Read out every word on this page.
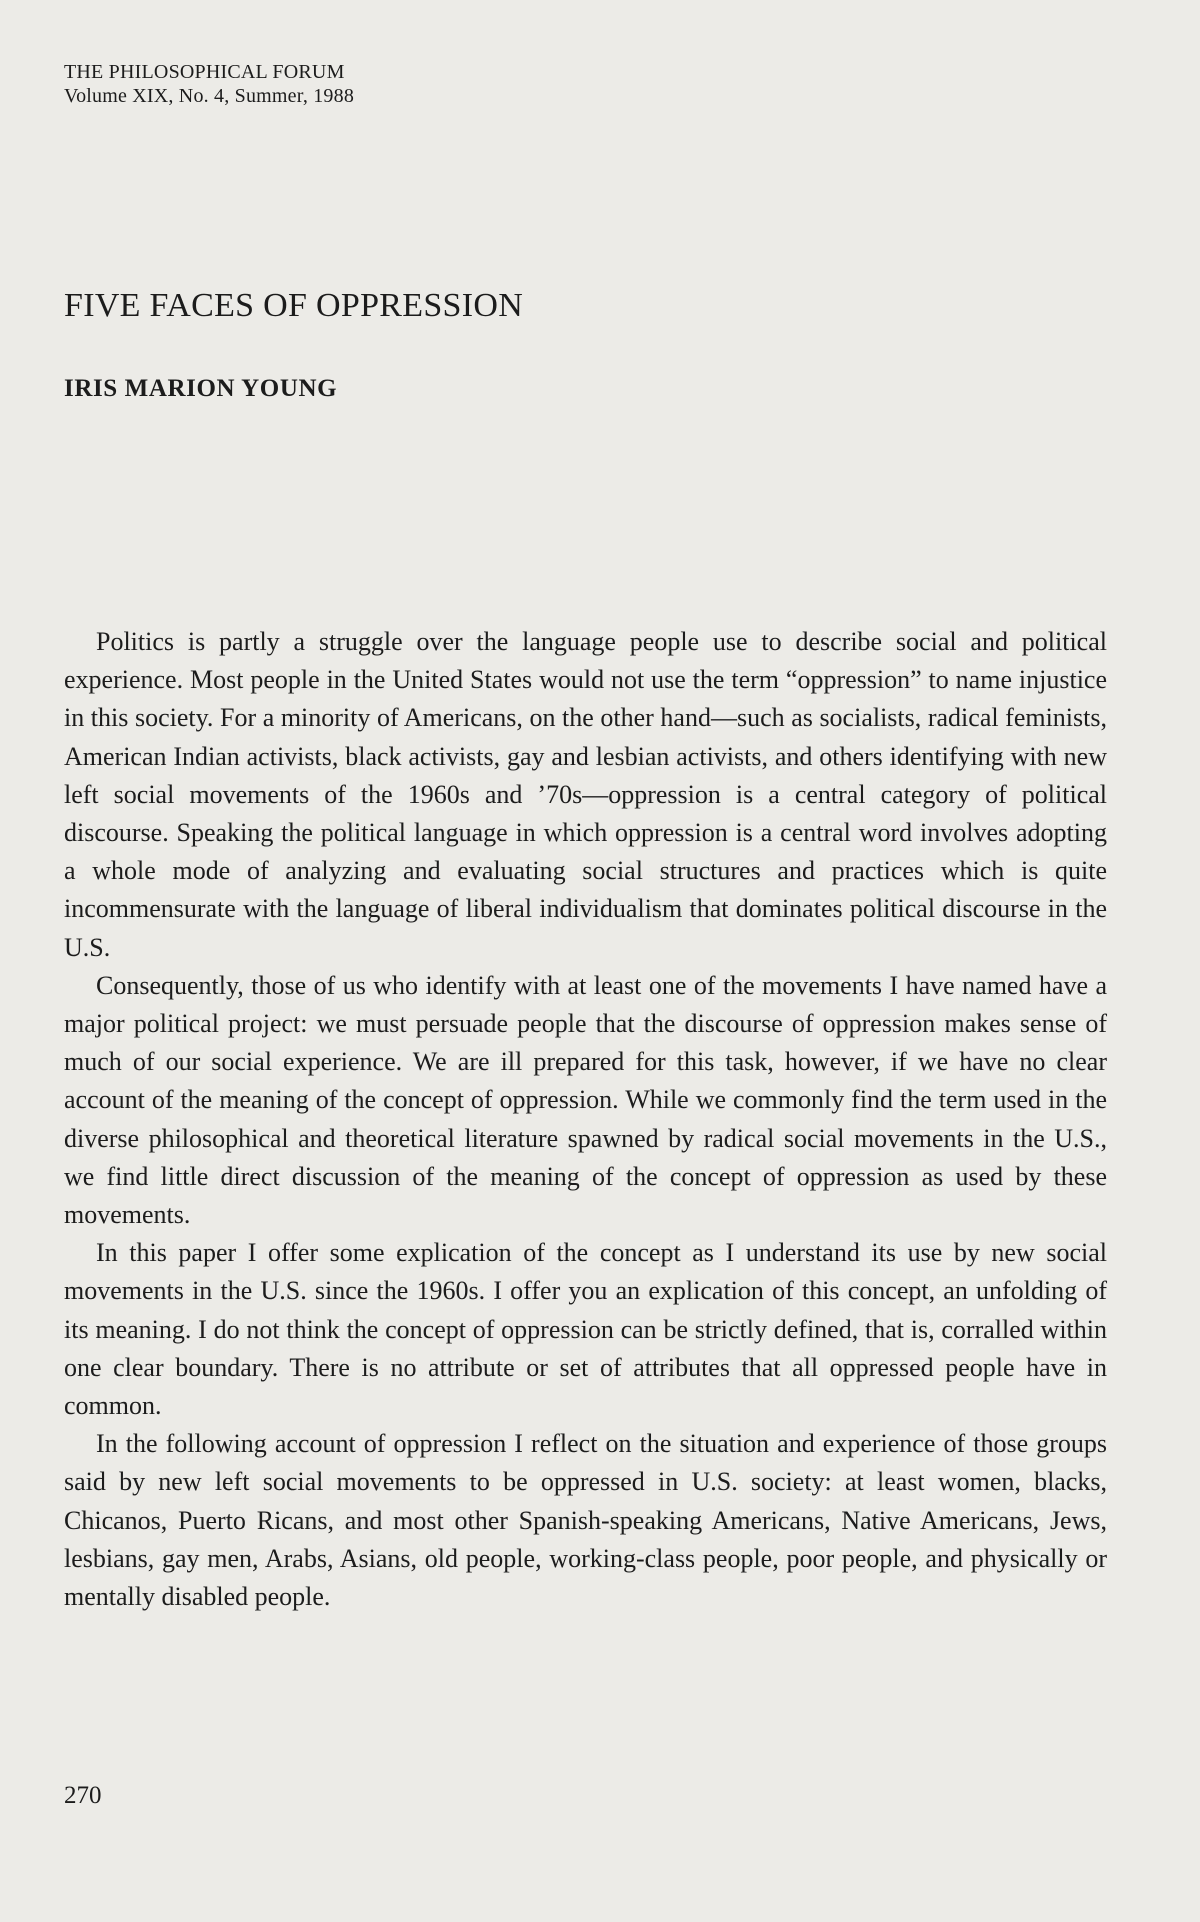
THE PHILOSOPHICAL FORUM
Volume XIX, No. 4, Summer, 1988
FIVE FACES OF OPPRESSION
IRIS MARION YOUNG

Politics is partly a struggle over the language people use to describe social and political experience. Most people in the United States would not use the term “oppression” to name injustice in this society. For a minority of Americans, on the other hand—such as socialists, radical feminists, American Indian activists, black activists, gay and lesbian activists, and others identifying with new left social movements of the 1960s and ’70s—oppression is a central category of political discourse. Speaking the political language in which oppression is a central word involves adopting a whole mode of analyzing and evaluating social structures and practices which is quite incommensurate with the language of liberal individualism that dominates political discourse in the U.S.

Consequently, those of us who identify with at least one of the movements I have named have a major political project: we must persuade people that the discourse of oppression makes sense of much of our social experience. We are ill prepared for this task, however, if we have no clear account of the meaning of the concept of oppression. While we commonly find the term used in the diverse philosophical and theoretical literature spawned by radical social movements in the U.S., we find little direct discussion of the meaning of the concept of oppression as used by these movements.

In this paper I offer some explication of the concept as I understand its use by new social movements in the U.S. since the 1960s. I offer you an explication of this concept, an unfolding of its meaning. I do not think the concept of oppression can be strictly defined, that is, corralled within one clear boundary. There is no attribute or set of attributes that all oppressed people have in common.

In the following account of oppression I reflect on the situation and experience of those groups said by new left social movements to be oppressed in U.S. society: at least women, blacks, Chicanos, Puerto Ricans, and most other Spanish-speaking Americans, Native Americans, Jews, lesbians, gay men, Arabs, Asians, old people, working-class people, poor people, and physically or mentally disabled people.

270
